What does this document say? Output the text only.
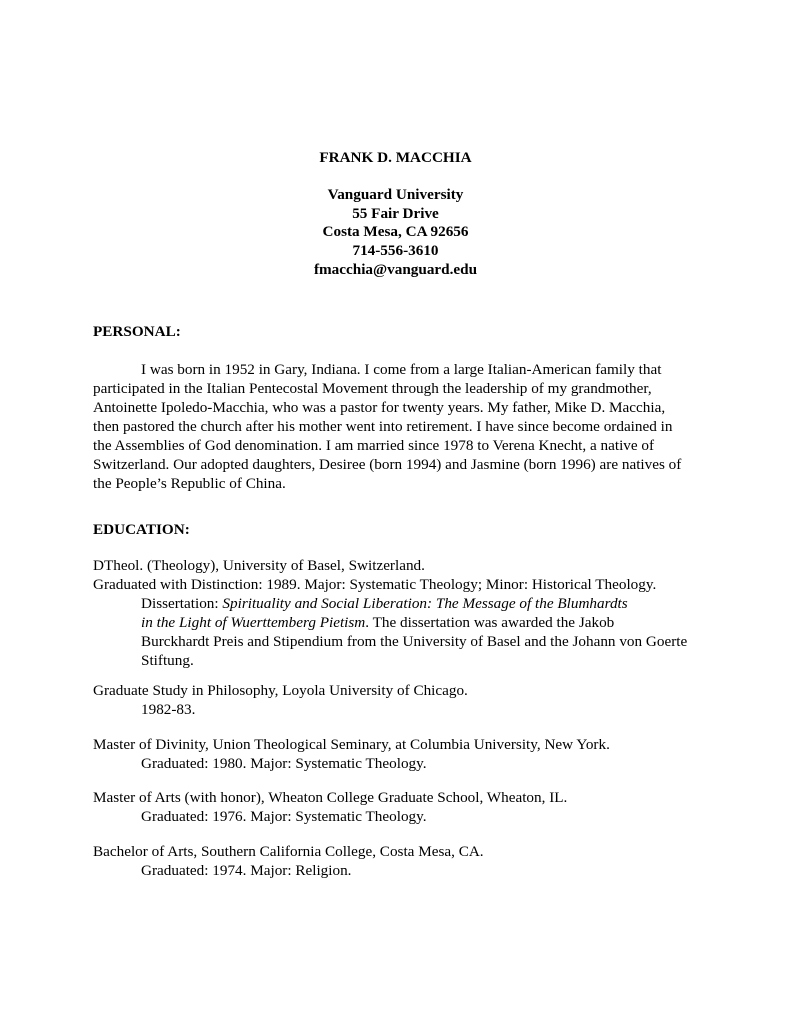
FRANK D. MACCHIA
Vanguard University
55 Fair Drive
Costa Mesa, CA 92656
714-556-3610
fmacchia@vanguard.edu
PERSONAL:
I was born in 1952 in Gary, Indiana. I come from a large Italian-American family that
participated in the Italian Pentecostal Movement through the leadership of my grandmother,
Antoinette Ipoledo-Macchia, who was a pastor for twenty years. My father, Mike D. Macchia,
then pastored the church after his mother went into retirement. I have since become ordained in
the Assemblies of God denomination. I am married since 1978 to Verena Knecht, a native of
Switzerland. Our adopted daughters, Desiree (born 1994) and Jasmine (born 1996) are natives of
the People’s Republic of China.
EDUCATION:
DTheol. (Theology), University of Basel, Switzerland.
Graduated with Distinction: 1989. Major: Systematic Theology; Minor: Historical Theology.
Dissertation: Spirituality and Social Liberation: The Message of the Blumhardts
in the Light of Wuerttemberg Pietism. The dissertation was awarded the Jakob
Burckhardt Preis and Stipendium from the University of Basel and the Johann von Goerte
Stiftung.
Graduate Study in Philosophy, Loyola University of Chicago.
1982-83.
Master of Divinity, Union Theological Seminary, at Columbia University, New York.
Graduated: 1980. Major: Systematic Theology.
Master of Arts (with honor), Wheaton College Graduate School, Wheaton, IL.
Graduated: 1976. Major: Systematic Theology.
Bachelor of Arts, Southern California College, Costa Mesa, CA.
Graduated: 1974. Major: Religion.
